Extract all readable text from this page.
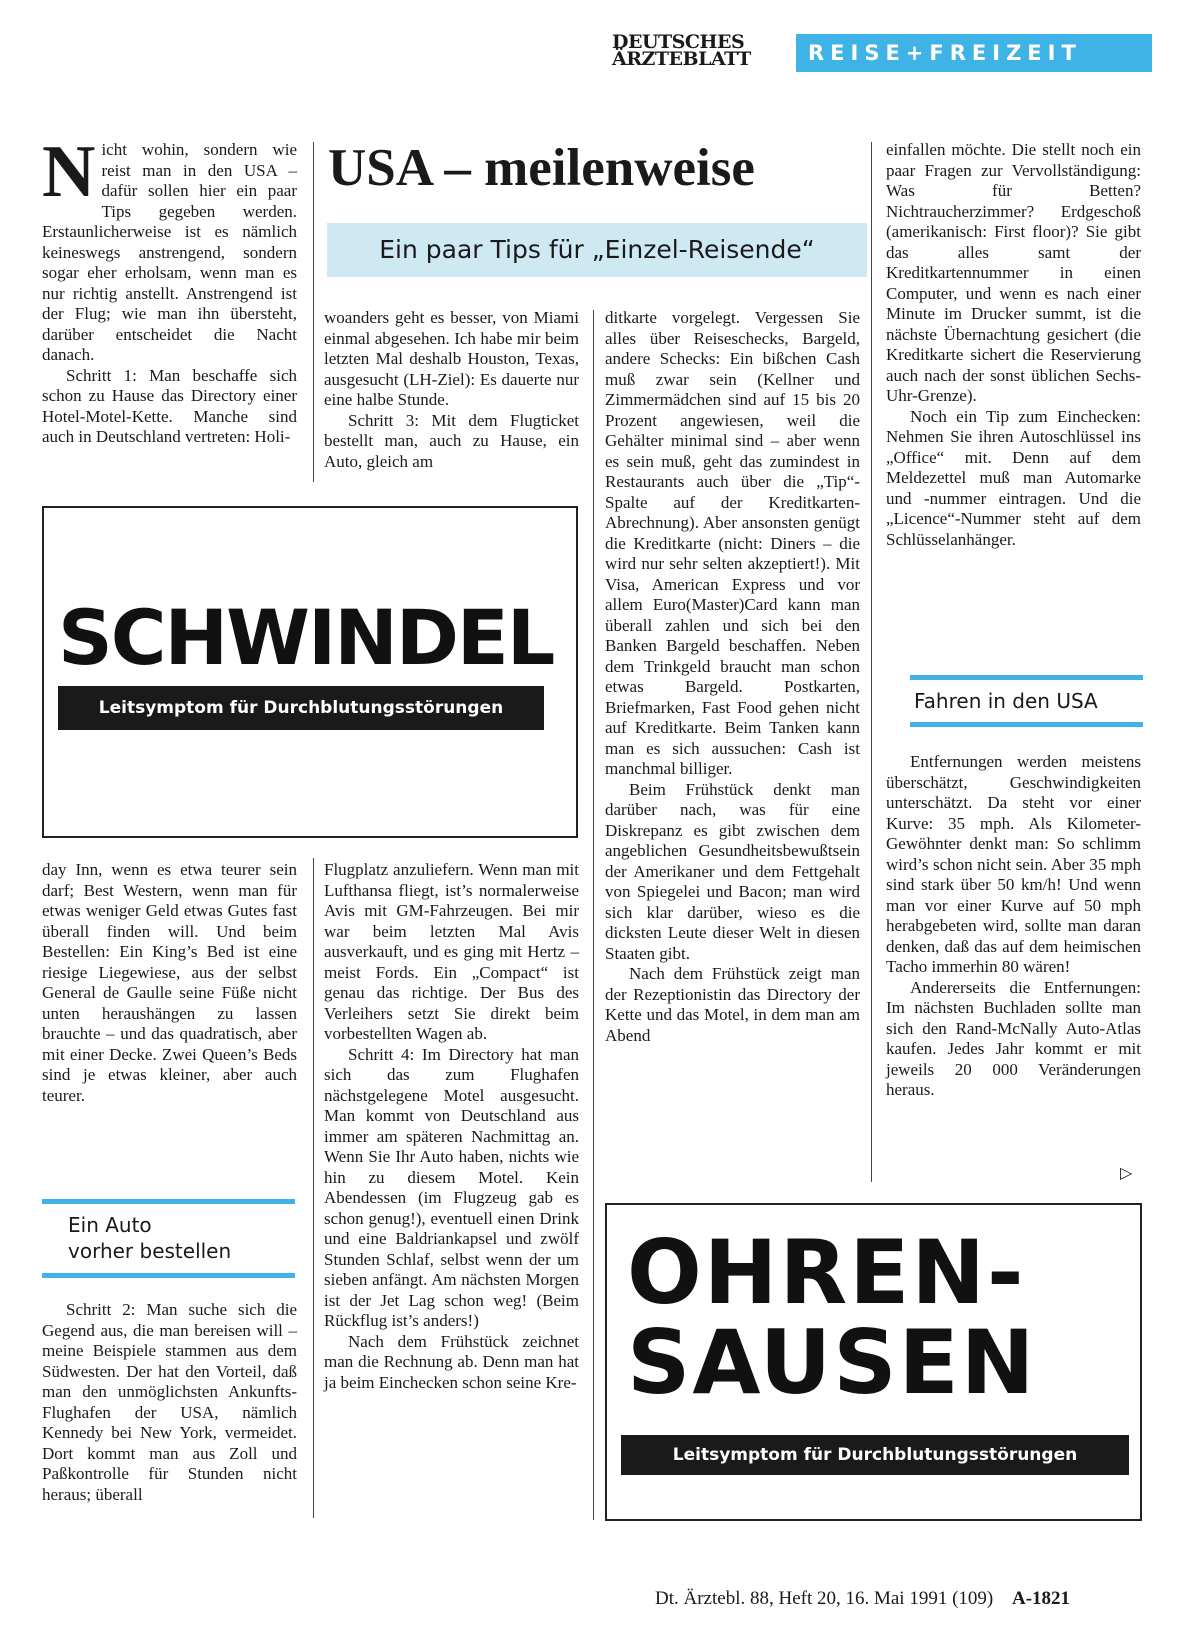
DEUTSCHES
ÄRZTEBLATT	REISE+FREIZEIT
USA – meilenweise
Ein paar Tips für „Einzel-Reisende“

Nicht wohin, sondern wie reist man in den USA – dafür sollen hier ein paar Tips gegeben werden. Erstaunlicherweise ist es nämlich keineswegs anstrengend, sondern sogar eher erholsam, wenn man es nur richtig anstellt. Anstrengend ist der Flug; wie man ihn übersteht, darüber entscheidet die Nacht danach.

Schritt 1: Man beschaffe sich schon zu Hause das Directory einer Hotel-Motel-Kette. Manche sind auch in Deutschland vertreten: Holi-

SCHWINDEL
Leitsymptom für Durchblutungsstörungen

day Inn, wenn es etwa teurer sein darf; Best Western, wenn man für etwas weniger Geld etwas Gutes fast überall finden will. Und beim Bestellen: Ein King’s Bed ist eine riesige Liegewiese, aus der selbst General de Gaulle seine Füße nicht unten heraushängen zu lassen brauchte – und das quadratisch, aber mit einer Decke. Zwei Queen’s Beds sind je etwas kleiner, aber auch teurer.

Ein Auto
vorher bestellen

Schritt 2: Man suche sich die Gegend aus, die man bereisen will – meine Beispiele stammen aus dem Südwesten. Der hat den Vorteil, daß man den unmöglichsten Ankunfts-Flughafen der USA, nämlich Kennedy bei New York, vermeidet. Dort kommt man aus Zoll und Paßkontrolle für Stunden nicht heraus; überall

woanders geht es besser, von Miami einmal abgesehen. Ich habe mir beim letzten Mal deshalb Houston, Texas, ausgesucht (LH-Ziel): Es dauerte nur eine halbe Stunde.

Schritt 3: Mit dem Flugticket bestellt man, auch zu Hause, ein Auto, gleich am

Flugplatz anzuliefern. Wenn man mit Lufthansa fliegt, ist’s normalerweise Avis mit GM-Fahrzeugen. Bei mir war beim letzten Mal Avis ausverkauft, und es ging mit Hertz – meist Fords. Ein „Compact“ ist genau das richtige. Der Bus des Verleihers setzt Sie direkt beim vorbestellten Wagen ab.

Schritt 4: Im Directory hat man sich das zum Flughafen nächstgelegene Motel ausgesucht. Man kommt von Deutschland aus immer am späteren Nachmittag an. Wenn Sie Ihr Auto haben, nichts wie hin zu diesem Motel. Kein Abendessen (im Flugzeug gab es schon genug!), eventuell einen Drink und eine Baldriankapsel und zwölf Stunden Schlaf, selbst wenn der um sieben anfängt. Am nächsten Morgen ist der Jet Lag schon weg! (Beim Rückflug ist’s anders!)

Nach dem Frühstück zeichnet man die Rechnung ab. Denn man hat ja beim Einchecken schon seine Kre-

ditkarte vorgelegt. Vergessen Sie alles über Reiseschecks, Bargeld, andere Schecks: Ein bißchen Cash muß zwar sein (Kellner und Zimmermädchen sind auf 15 bis 20 Prozent angewiesen, weil die Gehälter minimal sind – aber wenn es sein muß, geht das zumindest in Restaurants auch über die „Tip“-Spalte auf der Kreditkarten-Abrechnung). Aber ansonsten genügt die Kreditkarte (nicht: Diners – die wird nur sehr selten akzeptiert!). Mit Visa, American Express und vor allem Euro(Master)Card kann man überall zahlen und sich bei den Banken Bargeld beschaffen. Neben dem Trinkgeld braucht man schon etwas Bargeld. Postkarten, Briefmarken, Fast Food gehen nicht auf Kreditkarte. Beim Tanken kann man es sich aussuchen: Cash ist manchmal billiger.

Beim Frühstück denkt man darüber nach, was für eine Diskrepanz es gibt zwischen dem angeblichen Gesundheitsbewußtsein der Amerikaner und dem Fettgehalt von Spiegelei und Bacon; man wird sich klar darüber, wieso es die dicksten Leute dieser Welt in diesen Staaten gibt.

Nach dem Frühstück zeigt man der Rezeptionistin das Directory der Kette und das Motel, in dem man am Abend

einfallen möchte. Die stellt noch ein paar Fragen zur Vervollständigung: Was für Betten? Nichtraucherzimmer? Erdgeschoß (amerikanisch: First floor)? Sie gibt das alles samt der Kreditkartennummer in einen Computer, und wenn es nach einer Minute im Drucker summt, ist die nächste Übernachtung gesichert (die Kreditkarte sichert die Reservierung auch nach der sonst üblichen Sechs-Uhr-Grenze).

Noch ein Tip zum Einchecken: Nehmen Sie ihren Autoschlüssel ins „Office“ mit. Denn auf dem Meldezettel muß man Automarke und -nummer eintragen. Und die „Licence“-Nummer steht auf dem Schlüsselanhänger.

Fahren in den USA

Entfernungen werden meistens überschätzt, Geschwindigkeiten unterschätzt. Da steht vor einer Kurve: 35 mph. Als Kilometer-Gewöhnter denkt man: So schlimm wird’s schon nicht sein. Aber 35 mph sind stark über 50 km/h! Und wenn man vor einer Kurve auf 50 mph herabgebeten wird, sollte man daran denken, daß das auf dem heimischen Tacho immerhin 80 wären!

Andererseits die Entfernungen: Im nächsten Buchladen sollte man sich den Rand-McNally Auto-Atlas kaufen. Jedes Jahr kommt er mit jeweils 20 000 Veränderungen heraus.

▷
OHREN-
SAUSEN
Leitsymptom für Durchblutungsstörungen
Dt. Ärztebl. 88, Heft 20, 16. Mai 1991 (109) A-1821
